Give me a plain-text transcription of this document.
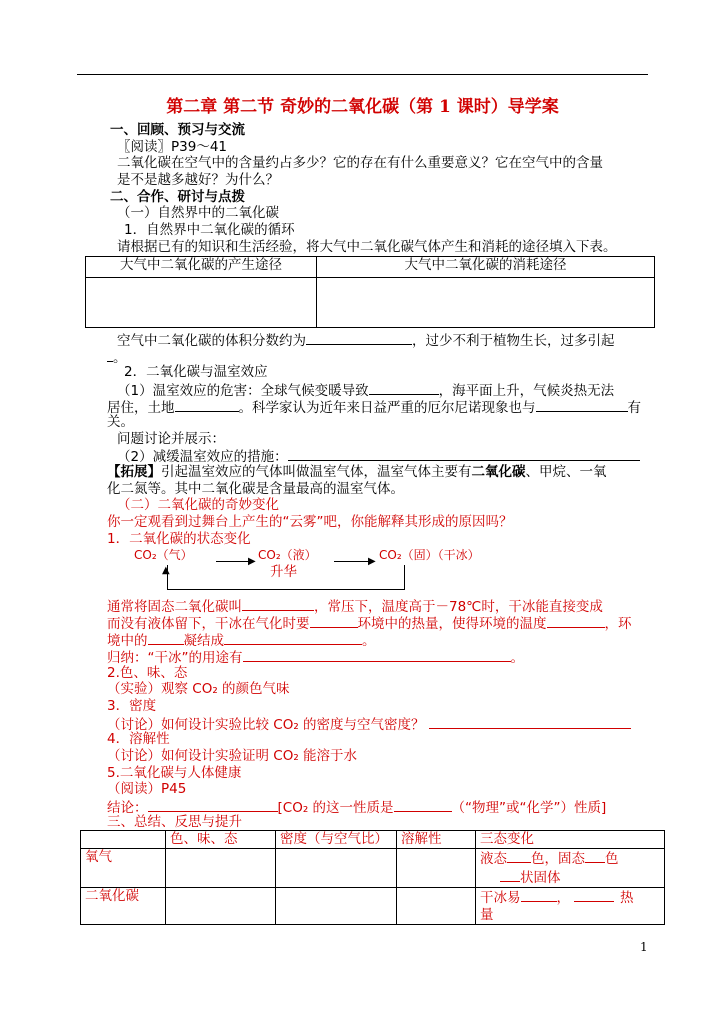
第二章 第二节 奇妙的二氧化碳（第 1 课时）导学案
一、回顾、预习与交流
〖阅读〗P39～41
二氧化碳在空气中的含量约占多少？它的存在有什么重要意义？它在空气中的含量
是不是越多越好？为什么？
二、合作、研讨与点拨
（一）自然界中的二氧化碳
1．自然界中二氧化碳的循环
请根据已有的知识和生活经验，将大气中二氧化碳气体产生和消耗的途径填入下表。
大气中二氧化碳的产生途径	大气中二氧化碳的消耗途径

空气中二氧化碳的体积分数约为	，过少不利于植物生长，过多引起
。
2．二氧化碳与温室效应
（1）温室效应的危害：全球气候变暖导致	，海平面上升，气候炎热无法
居住，土地	。科学家认为近年来日益严重的厄尔尼诺现象也与	有
关。
问题讨论并展示：
（2）减缓温室效应的措施：
【拓展】引起温室效应的气体叫做温室气体，温室气体主要有二氧化碳、甲烷、一氧
化二氮等。其中二氧化碳是含量最高的温室气体。
（二）二氧化碳的奇妙变化
你一定观看到过舞台上产生的“云雾”吧，你能解释其形成的原因吗？
1．二氧化碳的状态变化
CO₂（气）	▶ CO₂（液）	▶ CO₂（固）（干冰）
▲	升华
通常将固态二氧化碳叫	，常压下，温度高于－78℃时，干冰能直接变成
而没有液体留下，干冰在气化时要	环境中的热量，使得环境的温度	，环
境中的	凝结成	。
归纳：“干冰”的用途有	。
2.色、味、态
（实验）观察 CO₂ 的颜色气味
3．密度
（讨论）如何设计实验比较 CO₂ 的密度与空气密度？
4．溶解性
（讨论）如何设计实验证明 CO₂ 能溶于水
5.二氧化碳与人体健康
（阅读）P45
结论：	[CO₂ 的这一性质是	（“物理”或“化学”）性质]
三、总结、反思与提升
	色、味、态	密度（与空气比）	溶解性	三态变化
氧气				液态 色，固态 色
状固体
二氧化碳				干冰易 ， 热
量
1
